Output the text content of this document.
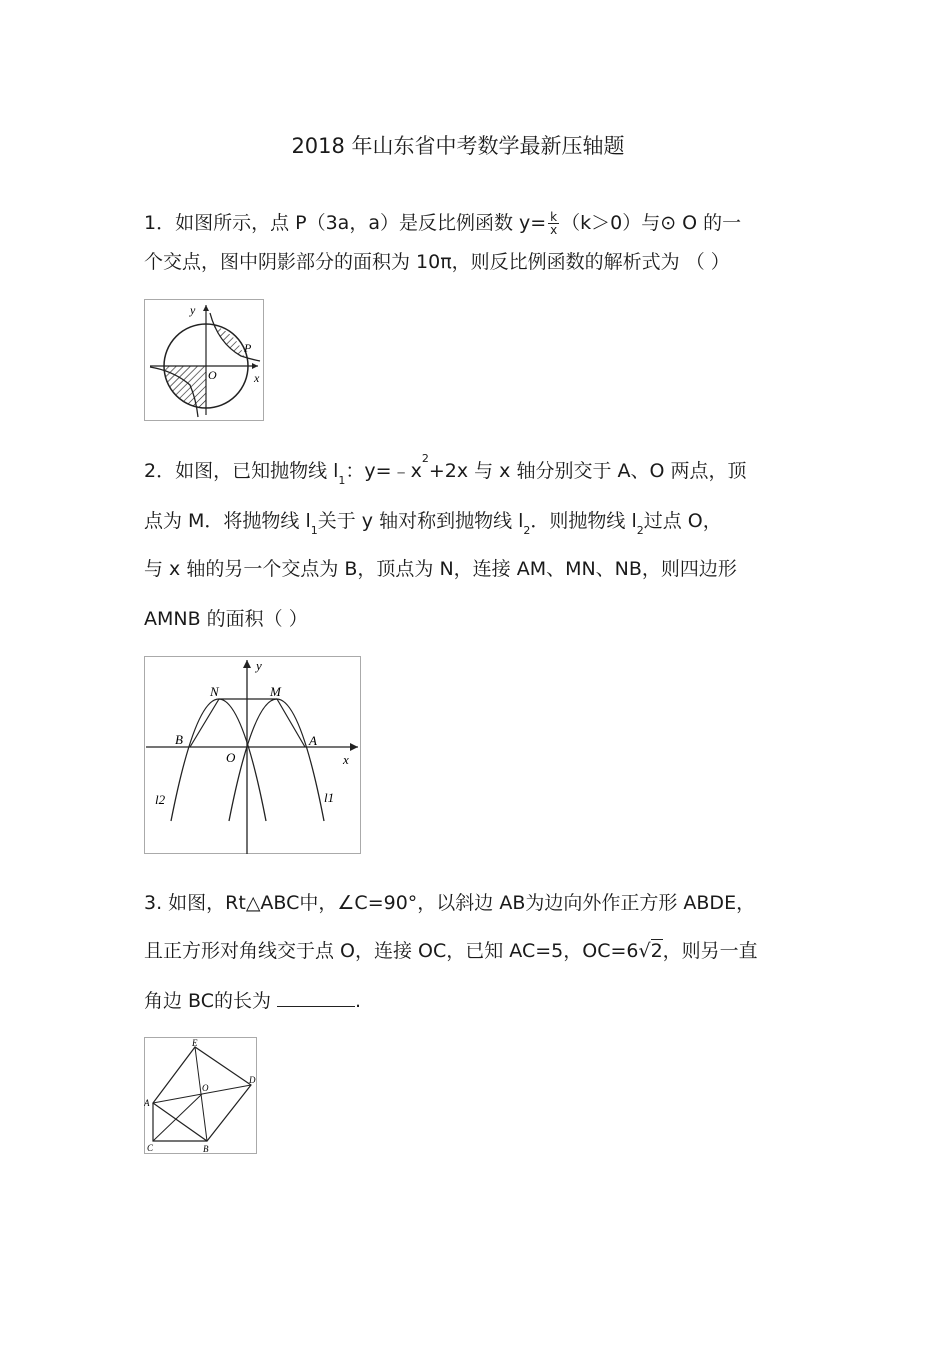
2018 年山东省中考数学最新压轴题
1．如图所示，点 P（3a，a）是反比例函数 $y= \frac{k}{x} (k>0)$与⊙ O 的一
个交点，图中阴影部分的面积为 10π，则反比例函数的解析式为 （ ）
y
x
P
O
2．如图，已知抛物线 $l_1$：$y=﹣x^2+2x$ 与 x 轴分别交于 A、O 两点，顶
点为 M．将抛物线 $l_1$关于 y 轴对称到抛物线 $l_2$．则抛物线 $l_2$过点 O，
与 x 轴的另一个交点为 B，顶点为 N，连接 AM、MN、NB，则四边形
AMNB 的面积（ ）
y
x
N	M
B	A
O
l2	l1
3. 如图，Rt△ABC中，∠C=90°，以斜边 AB为边向外作正方形 ABDE，
且正方形对角线交于点 O，连接 OC，已知 AC=5，OC=6√2，则另一直
角边 BC的长为	.
E
A
O
D
C	B
